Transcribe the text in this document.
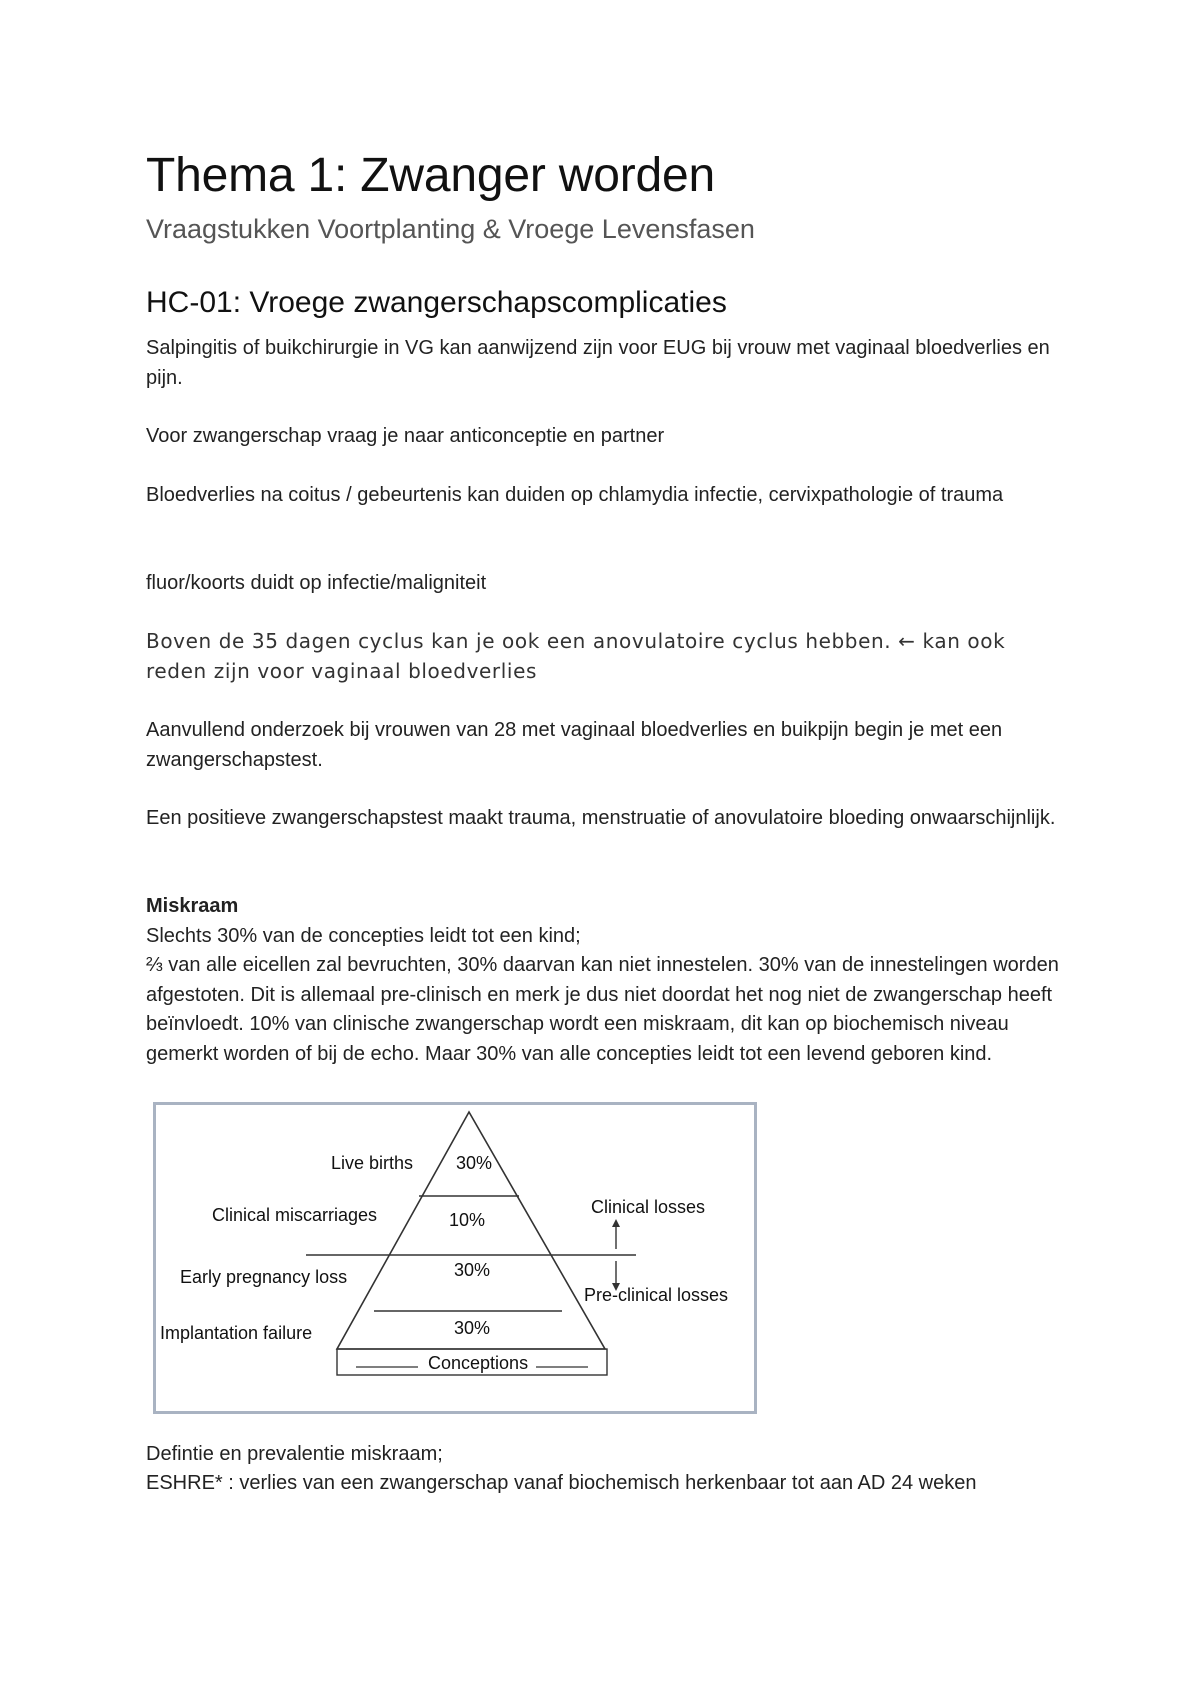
Thema 1: Zwanger worden
Vraagstukken Voortplanting & Vroege Levensfasen
HC-01: Vroege zwangerschapscomplicaties
Salpingitis of buikchirurgie in VG kan aanwijzend zijn voor EUG bij vrouw met vaginaal bloedverlies en pijn.
Voor zwangerschap vraag je naar anticonceptie en partner
Bloedverlies na coitus / gebeurtenis kan duiden op chlamydia infectie, cervixpathologie of trauma
fluor/koorts duidt op infectie/maligniteit
Boven de 35 dagen cyclus kan je ook een anovulatoire cyclus hebben. ← kan ook reden zijn voor vaginaal bloedverlies
Aanvullend onderzoek bij vrouwen van 28 met vaginaal bloedverlies en buikpijn begin je met een zwangerschapstest.
Een positieve zwangerschapstest maakt trauma, menstruatie of anovulatoire bloeding onwaarschijnlijk.
Miskraam
Slechts 30% van de concepties leidt tot een kind;
⅔ van alle eicellen zal bevruchten, 30% daarvan kan niet innestelen. 30% van de innestelingen worden afgestoten. Dit is allemaal pre-clinisch en merk je dus niet doordat het nog niet de zwangerschap heeft beïnvloedt. 10% van clinische zwangerschap wordt een miskraam, dit kan op biochemisch niveau gemerkt worden of bij de echo. Maar 30% van alle concepties leidt tot een levend geboren kind.
Live births
Clinical miscarriages
Early pregnancy loss
Implantation failure
30%
10%
30%
30%
Clinical losses
Pre-clinical losses
Conceptions
Defintie en prevalentie miskraam;
ESHRE* : verlies van een zwangerschap vanaf biochemisch herkenbaar tot aan AD 24 weken
